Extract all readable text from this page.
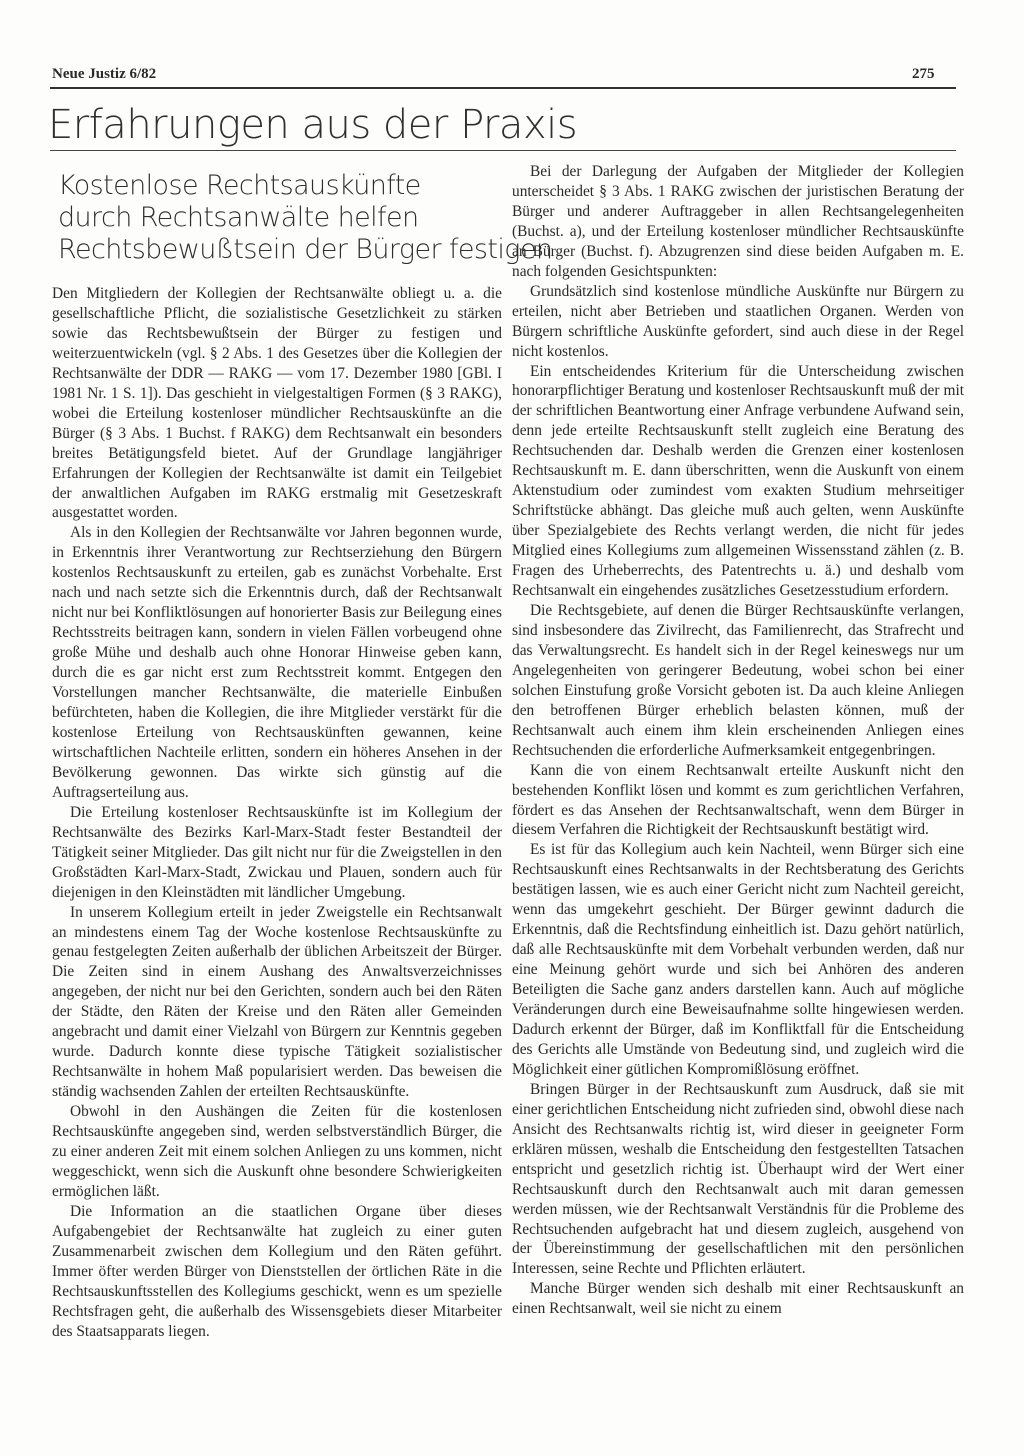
Neue Justiz 6/82	275
Erfahrungen aus der Praxis
Kostenlose Rechtsauskünfte
durch Rechtsanwälte helfen
Rechtsbewußtsein der Bürger festigen

Den Mitgliedern der Kollegien der Rechtsanwälte obliegt u. a. die gesellschaftliche Pflicht, die sozialistische Gesetzlichkeit zu stärken sowie das Rechtsbewußtsein der Bürger zu festigen und weiterzuentwickeln (vgl. § 2 Abs. 1 des Gesetzes über die Kollegien der Rechtsanwälte der DDR — RAKG — vom 17. Dezember 1980 [GBl. I 1981 Nr. 1 S. 1]). Das geschieht in vielgestaltigen Formen (§ 3 RAKG), wobei die Erteilung kostenloser mündlicher Rechtsauskünfte an die Bürger (§ 3 Abs. 1 Buchst. f RAKG) dem Rechtsanwalt ein besonders breites Betätigungsfeld bietet. Auf der Grundlage langjähriger Erfahrungen der Kollegien der Rechtsanwälte ist damit ein Teilgebiet der anwaltlichen Aufgaben im RAKG erstmalig mit Gesetzeskraft ausgestattet worden.

Als in den Kollegien der Rechtsanwälte vor Jahren begonnen wurde, in Erkenntnis ihrer Verantwortung zur Rechtserziehung den Bürgern kostenlos Rechtsauskunft zu erteilen, gab es zunächst Vorbehalte. Erst nach und nach setzte sich die Erkenntnis durch, daß der Rechtsanwalt nicht nur bei Konfliktlösungen auf honorierter Basis zur Beilegung eines Rechtsstreits beitragen kann, sondern in vielen Fällen vorbeugend ohne große Mühe und deshalb auch ohne Honorar Hinweise geben kann, durch die es gar nicht erst zum Rechtsstreit kommt. Entgegen den Vorstellungen mancher Rechtsanwälte, die materielle Einbußen befürchteten, haben die Kollegien, die ihre Mitglieder verstärkt für die kostenlose Erteilung von Rechtsauskünften gewannen, keine wirtschaftlichen Nachteile erlitten, sondern ein höheres Ansehen in der Bevölkerung gewonnen. Das wirkte sich günstig auf die Auftragserteilung aus.

Die Erteilung kostenloser Rechtsauskünfte ist im Kollegium der Rechtsanwälte des Bezirks Karl-Marx-Stadt fester Bestandteil der Tätigkeit seiner Mitglieder. Das gilt nicht nur für die Zweigstellen in den Großstädten Karl-Marx-Stadt, Zwickau und Plauen, sondern auch für diejenigen in den Kleinstädten mit ländlicher Umgebung.

In unserem Kollegium erteilt in jeder Zweigstelle ein Rechtsanwalt an mindestens einem Tag der Woche kostenlose Rechtsauskünfte zu genau festgelegten Zeiten außerhalb der üblichen Arbeitszeit der Bürger. Die Zeiten sind in einem Aushang des Anwaltsverzeichnisses angegeben, der nicht nur bei den Gerichten, sondern auch bei den Räten der Städte, den Räten der Kreise und den Räten aller Gemeinden angebracht und damit einer Vielzahl von Bürgern zur Kenntnis gegeben wurde. Dadurch konnte diese typische Tätigkeit sozialistischer Rechtsanwälte in hohem Maß popularisiert werden. Das beweisen die ständig wachsenden Zahlen der erteilten Rechtsauskünfte.

Obwohl in den Aushängen die Zeiten für die kostenlosen Rechtsauskünfte angegeben sind, werden selbstverständlich Bürger, die zu einer anderen Zeit mit einem solchen Anliegen zu uns kommen, nicht weggeschickt, wenn sich die Auskunft ohne besondere Schwierigkeiten ermöglichen läßt.

Die Information an die staatlichen Organe über dieses Aufgabengebiet der Rechtsanwälte hat zugleich zu einer guten Zusammenarbeit zwischen dem Kollegium und den Räten geführt. Immer öfter werden Bürger von Dienststellen der örtlichen Räte in die Rechtsauskunftsstellen des Kollegiums geschickt, wenn es um spezielle Rechtsfragen geht, die außerhalb des Wissensgebiets dieser Mitarbeiter des Staatsapparats liegen.

Bei der Darlegung der Aufgaben der Mitglieder der Kollegien unterscheidet § 3 Abs. 1 RAKG zwischen der juristischen Beratung der Bürger und anderer Auftraggeber in allen Rechtsangelegenheiten (Buchst. a), und der Erteilung kostenloser mündlicher Rechtsauskünfte an Bürger (Buchst. f). Abzugrenzen sind diese beiden Aufgaben m. E. nach folgenden Gesichtspunkten:

Grundsätzlich sind kostenlose mündliche Auskünfte nur Bürgern zu erteilen, nicht aber Betrieben und staatlichen Organen. Werden von Bürgern schriftliche Auskünfte gefordert, sind auch diese in der Regel nicht kostenlos.

Ein entscheidendes Kriterium für die Unterscheidung zwischen honorarpflichtiger Beratung und kostenloser Rechtsauskunft muß der mit der schriftlichen Beantwortung einer Anfrage verbundene Aufwand sein, denn jede erteilte Rechtsauskunft stellt zugleich eine Beratung des Rechtsuchenden dar. Deshalb werden die Grenzen einer kostenlosen Rechtsauskunft m. E. dann überschritten, wenn die Auskunft von einem Aktenstudium oder zumindest vom exakten Studium mehrseitiger Schriftstücke abhängt. Das gleiche muß auch gelten, wenn Auskünfte über Spezialgebiete des Rechts verlangt werden, die nicht für jedes Mitglied eines Kollegiums zum allgemeinen Wissensstand zählen (z. B. Fragen des Urheberrechts, des Patentrechts u. ä.) und deshalb vom Rechtsanwalt ein eingehendes zusätzliches Gesetzesstudium erfordern.

Die Rechtsgebiete, auf denen die Bürger Rechtsauskünfte verlangen, sind insbesondere das Zivilrecht, das Familienrecht, das Strafrecht und das Verwaltungsrecht. Es handelt sich in der Regel keineswegs nur um Angelegenheiten von geringerer Bedeutung, wobei schon bei einer solchen Einstufung große Vorsicht geboten ist. Da auch kleine Anliegen den betroffenen Bürger erheblich belasten können, muß der Rechtsanwalt auch einem ihm klein erscheinenden Anliegen eines Rechtsuchenden die erforderliche Aufmerksamkeit entgegenbringen.

Kann die von einem Rechtsanwalt erteilte Auskunft nicht den bestehenden Konflikt lösen und kommt es zum gerichtlichen Verfahren, fördert es das Ansehen der Rechtsanwaltschaft, wenn dem Bürger in diesem Verfahren die Richtigkeit der Rechtsauskunft bestätigt wird.

Es ist für das Kollegium auch kein Nachteil, wenn Bürger sich eine Rechtsauskunft eines Rechtsanwalts in der Rechtsberatung des Gerichts bestätigen lassen, wie es auch einer Gericht nicht zum Nachteil gereicht, wenn das umgekehrt geschieht. Der Bürger gewinnt dadurch die Erkenntnis, daß die Rechtsfindung einheitlich ist. Dazu gehört natürlich, daß alle Rechtsauskünfte mit dem Vorbehalt verbunden werden, daß nur eine Meinung gehört wurde und sich bei Anhören des anderen Beteiligten die Sache ganz anders darstellen kann. Auch auf mögliche Veränderungen durch eine Beweisaufnahme sollte hingewiesen werden. Dadurch erkennt der Bürger, daß im Konfliktfall für die Entscheidung des Gerichts alle Umstände von Bedeutung sind, und zugleich wird die Möglichkeit einer gütlichen Kompromißlösung eröffnet.

Bringen Bürger in der Rechtsauskunft zum Ausdruck, daß sie mit einer gerichtlichen Entscheidung nicht zufrieden sind, obwohl diese nach Ansicht des Rechtsanwalts richtig ist, wird dieser in geeigneter Form erklären müssen, weshalb die Entscheidung den festgestellten Tatsachen entspricht und gesetzlich richtig ist. Überhaupt wird der Wert einer Rechtsauskunft durch den Rechtsanwalt auch mit daran gemessen werden müssen, wie der Rechtsanwalt Verständnis für die Probleme des Rechtsuchenden aufgebracht hat und diesem zugleich, ausgehend von der Übereinstimmung der gesellschaftlichen mit den persönlichen Interessen, seine Rechte und Pflichten erläutert.

Manche Bürger wenden sich deshalb mit einer Rechtsauskunft an einen Rechtsanwalt, weil sie nicht zu einem
